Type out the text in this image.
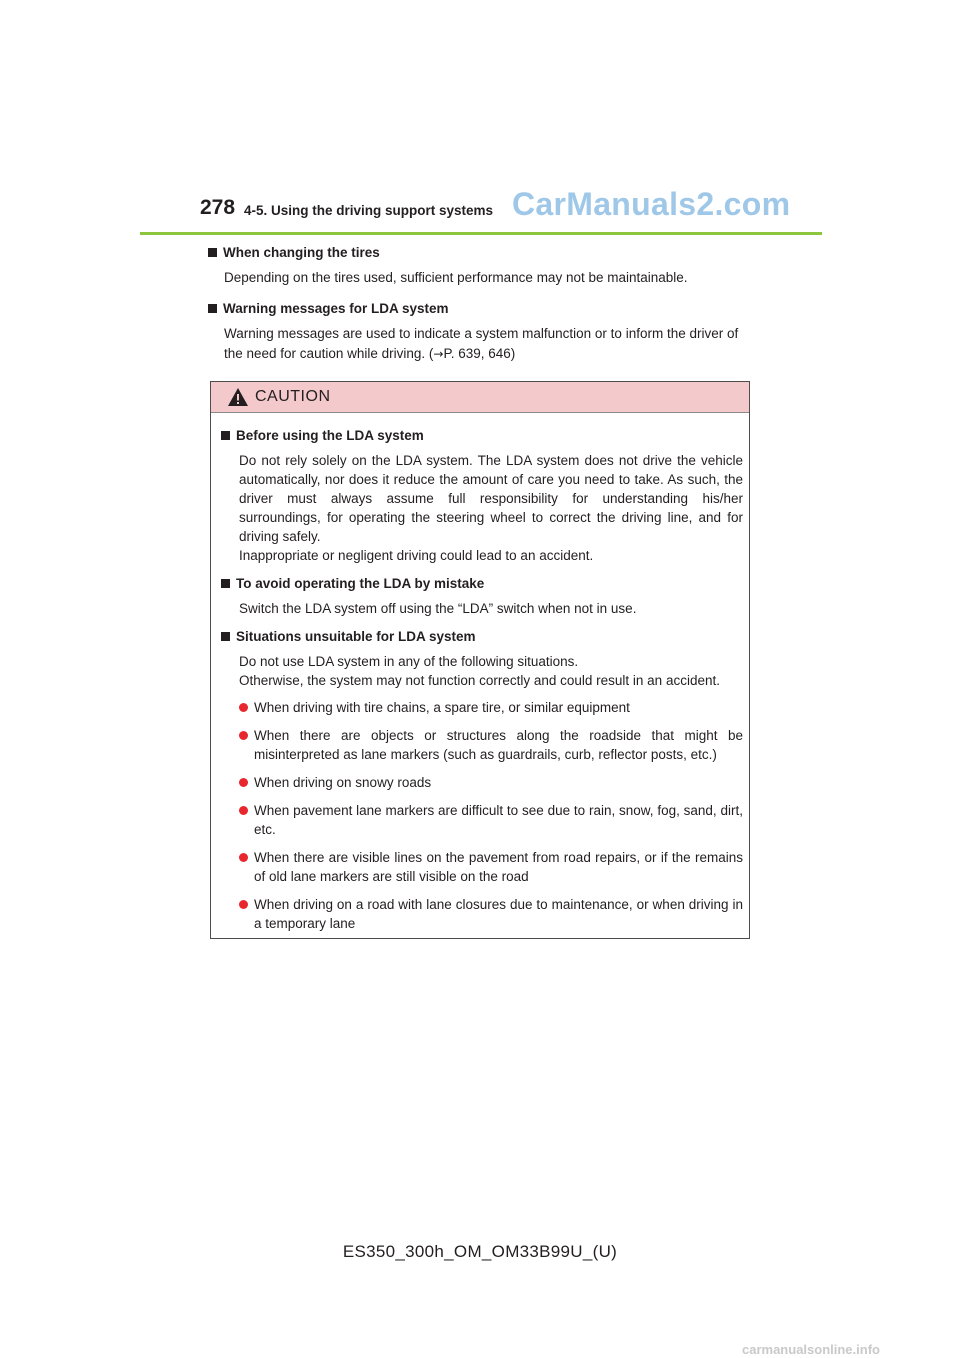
278 4-5. Using the driving support systems CarManuals2.com
When changing the tires
Depending on the tires used, sufficient performance may not be maintainable.
Warning messages for LDA system
Warning messages are used to indicate a system malfunction or to inform the driver of the need for caution while driving. (→P. 639, 646)
CAUTION
Before using the LDA system

Do not rely solely on the LDA system. The LDA system does not drive the vehicle automatically, nor does it reduce the amount of care you need to take. As such, the driver must always assume full responsibility for understanding his/her surroundings, for operating the steering wheel to correct the driving line, and for driving safely.

Inappropriate or negligent driving could lead to an accident.

To avoid operating the LDA by mistake

Switch the LDA system off using the “LDA” switch when not in use.

Situations unsuitable for LDA system

Do not use LDA system in any of the following situations.

Otherwise, the system may not function correctly and could result in an accident.

When driving with tire chains, a spare tire, or similar equipment
When there are objects or structures along the roadside that might be misinterpreted as lane markers (such as guardrails, curb, reflector posts, etc.)
When driving on snowy roads
When pavement lane markers are difficult to see due to rain, snow, fog, sand, dirt, etc.
When there are visible lines on the pavement from road repairs, or if the remains of old lane markers are still visible on the road
When driving on a road with lane closures due to maintenance, or when driving in a temporary lane
ES350_300h_OM_OM33B99U_(U)
carmanualsonline.info
